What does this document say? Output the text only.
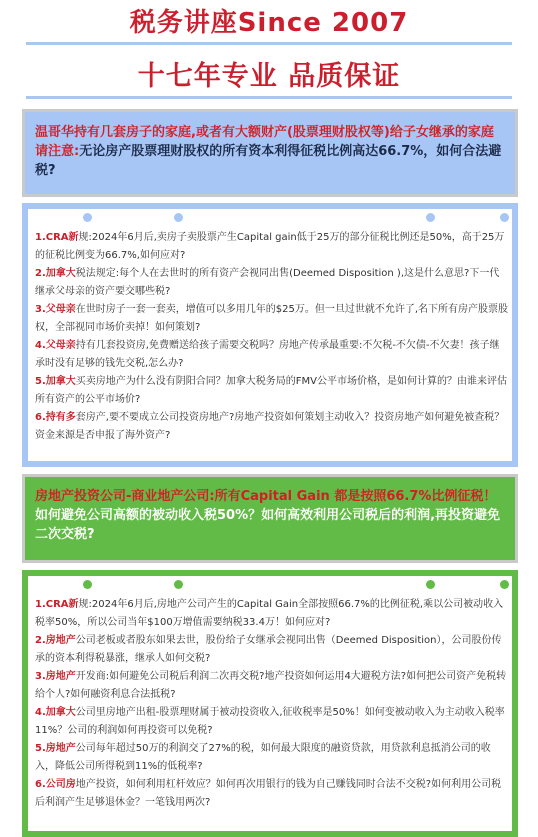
税务讲座Since 2007
十七年专业 品质保证
温哥华持有几套房子的家庭,或者有大额财产(股票理财股权等)给子女继承的家庭请注意:无论房产股票理财股权的所有资本利得征税比例高达66.7%，如何合法避税?
1.CRA新规:2024年6月后,卖房子卖股票产生Capital gain低于25万的部分征税比例还是50%，高于25万的征税比例变为66.7%,如何应对?
2.加拿大税法规定:每个人在去世时的所有资产会视同出售(Deemed Disposition ),这是什么意思?下一代继承父母亲的资产要交哪些税?
3.父母亲在世时房子一套一套卖，增值可以多用几年的$25万。但一旦过世就不允许了,名下所有房产股票股权，全部视同市场价卖掉！如何策划?
4.父母亲持有几套投资房,免费赠送给孩子需要交税吗？房地产传承最重要:不欠税-不欠债-不欠妻！孩子继承时没有足够的钱先交税,怎么办?
5.加拿大买卖房地产为什么没有阴阳合同？加拿大税务局的FMV公平市场价格，是如何计算的？由谁来评估所有资产的公平市场价?
6.持有多套房产,要不要成立公司投资房地产?房地产投资如何策划主动收入？投资房地产如何避免被查税？资金来源是否申报了海外资产?
房地产投资公司-商业地产公司:所有Capital Gain 都是按照66.7%比例征税！
如何避免公司高额的被动收入税50%？如何高效利用公司税后的利润,再投资避免二次交税?
1.CRA新规:2024年6月后,房地产公司产生的Capital Gain全部按照66.7%的比例征税,乘以公司被动收入税率50%，所以公司当年$100万增值需要纳税33.4万！如何应对?
2.房地产公司老板或者股东如果去世，股份给子女继承会视同出售（Deemed Disposition），公司股份传承的资本利得税暴涨，继承人如何交税?
3.房地产开发商:如何避免公司税后利润二次再交税?地产投资如何运用4大避税方法?如何把公司资产免税转给个人?如何融资利息合法抵税?
4.加拿大公司里房地产出租-股票理财属于被动投资收入,征收税率是50%！如何变被动收入为主动收入税率11%？公司的利润如何再投资可以免税?
5.房地产公司每年超过50万的利润交了27%的税，如何最大限度的融资贷款，用贷款利息抵消公司的收入，降低公司所得税到11%的低税率?
6.公司房地产投资，如何利用杠杆效应？如何再次用银行的钱为自己赚钱同时合法不交税?如何利用公司税后利润产生足够退休金？一笔钱用两次?
